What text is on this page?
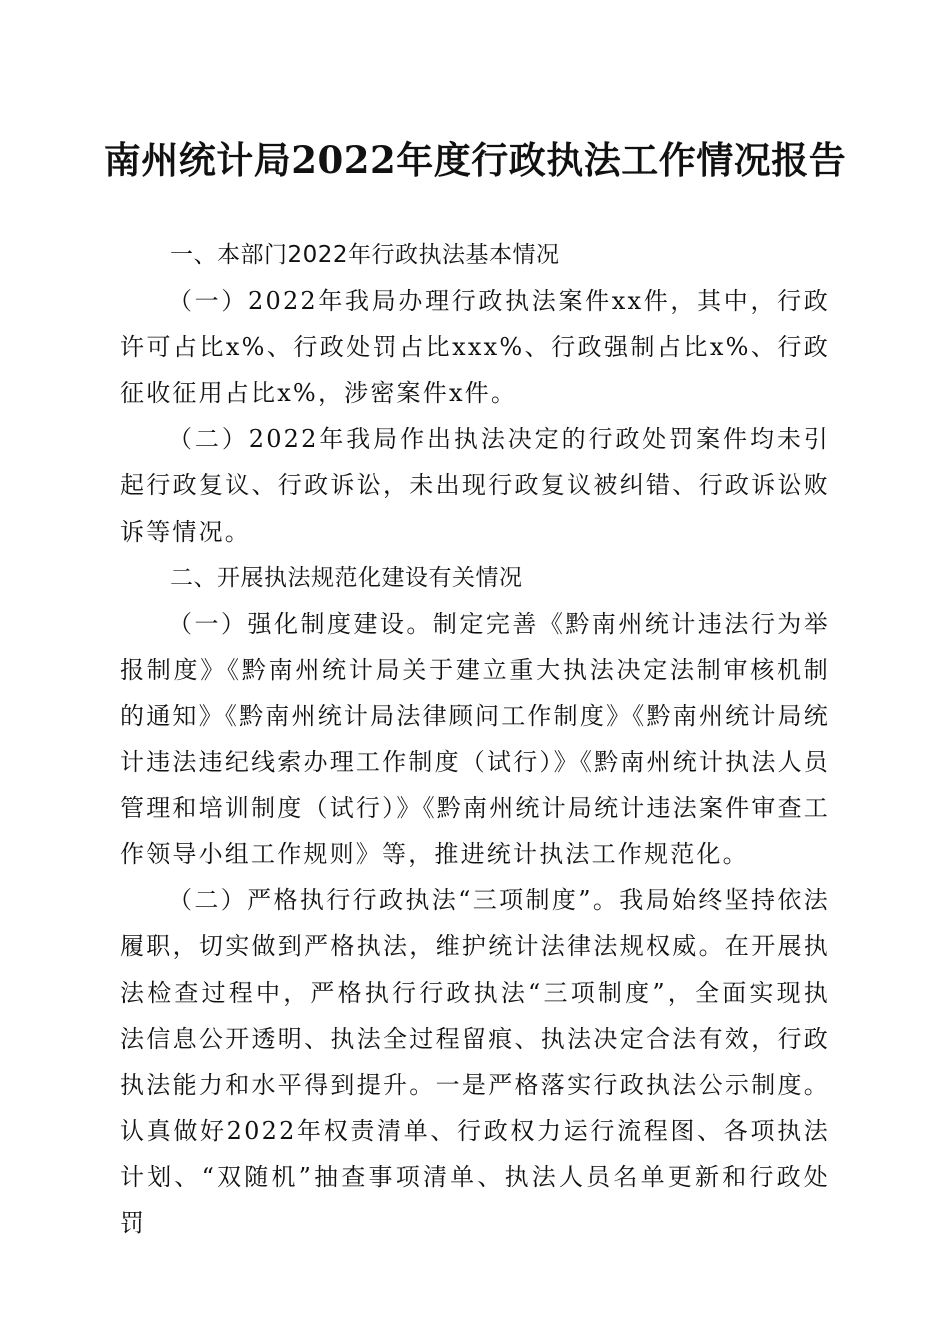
南州统计局2022年度行政执法工作情况报告
一、本部门2022年行政执法基本情况

（一）2022年我局办理行政执法案件xx件，其中，行政许可占比x%、行政处罚占比xxx%、行政强制占比x%、行政征收征用占比x%，涉密案件x件。

（二）2022年我局作出执法决定的行政处罚案件均未引起行政复议、行政诉讼，未出现行政复议被纠错、行政诉讼败诉等情况。

二、开展执法规范化建设有关情况

（一）强化制度建设。制定完善《黔南州统计违法行为举报制度》《黔南州统计局关于建立重大执法决定法制审核机制的通知》《黔南州统计局法律顾问工作制度》《黔南州统计局统计违法违纪线索办理工作制度（试行）》《黔南州统计执法人员管理和培训制度（试行）》《黔南州统计局统计违法案件审查工作领导小组工作规则》等，推进统计执法工作规范化。

（二）严格执行行政执法“三项制度”。我局始终坚持依法履职，切实做到严格执法，维护统计法律法规权威。在开展执法检查过程中，严格执行行政执法“三项制度”，全面实现执法信息公开透明、执法全过程留痕、执法决定合法有效，行政执法能力和水平得到提升。一是严格落实行政执法公示制度。认真做好2022年权责清单、行政权力运行流程图、各项执法计划、“双随机”抽查事项清单、执法人员名单更新和行政处罚
